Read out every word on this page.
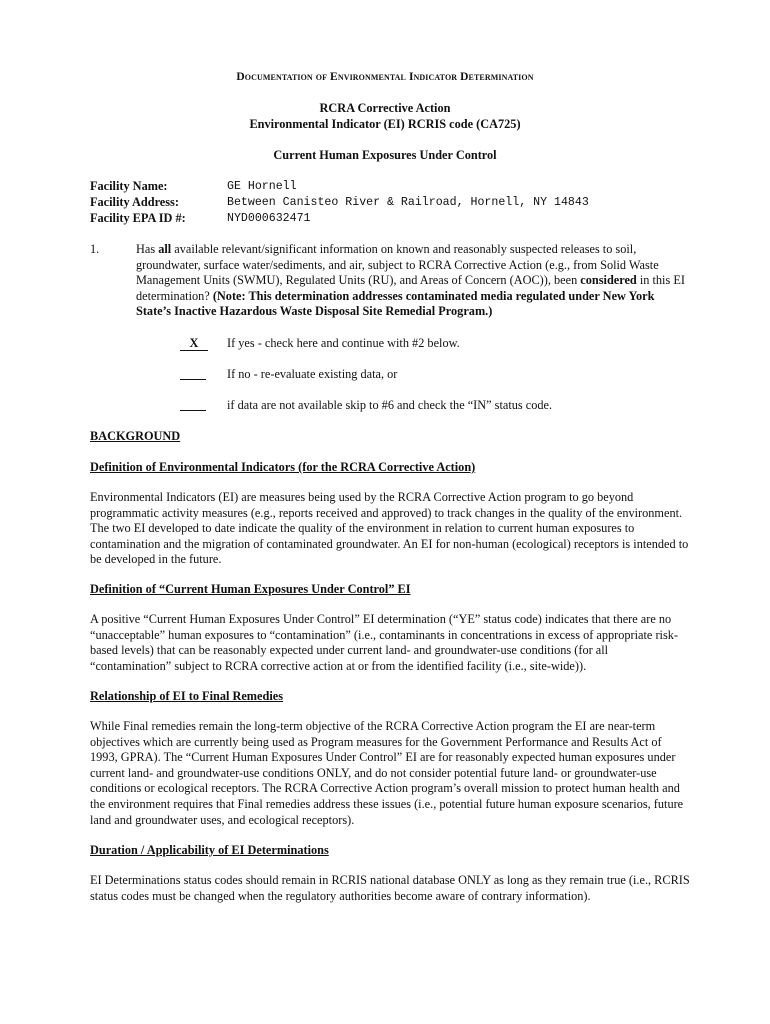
Documentation of Environmental Indicator Determination
RCRA Corrective Action
Environmental Indicator (EI) RCRIS code (CA725)
Current Human Exposures Under Control
Facility Name:	GE Hornell
Facility Address:	Between Canisteo River & Railroad, Hornell, NY 14843
Facility EPA ID #:	NYD000632471
1.	Has all available relevant/significant information on known and reasonably suspected releases to soil, groundwater, surface water/sediments, and air, subject to RCRA Corrective Action (e.g., from Solid Waste Management Units (SWMU), Regulated Units (RU), and Areas of Concern (AOC)), been considered in this EI determination? (Note: This determination addresses contaminated media regulated under New York State’s Inactive Hazardous Waste Disposal Site Remedial Program.)
X	If yes - check here and continue with #2 below.
If no - re-evaluate existing data, or
if data are not available skip to #6 and check the “IN” status code.
BACKGROUND
Definition of Environmental Indicators (for the RCRA Corrective Action)
Environmental Indicators (EI) are measures being used by the RCRA Corrective Action program to go beyond programmatic activity measures (e.g., reports received and approved) to track changes in the quality of the environment. The two EI developed to date indicate the quality of the environment in relation to current human exposures to contamination and the migration of contaminated groundwater. An EI for non-human (ecological) receptors is intended to be developed in the future.
Definition of “Current Human Exposures Under Control” EI
A positive “Current Human Exposures Under Control” EI determination (“YE” status code) indicates that there are no “unacceptable” human exposures to “contamination” (i.e., contaminants in concentrations in excess of appropriate risk-based levels) that can be reasonably expected under current land- and groundwater-use conditions (for all “contamination” subject to RCRA corrective action at or from the identified facility (i.e., site-wide)).
Relationship of EI to Final Remedies
While Final remedies remain the long-term objective of the RCRA Corrective Action program the EI are near-term objectives which are currently being used as Program measures for the Government Performance and Results Act of 1993, GPRA). The “Current Human Exposures Under Control” EI are for reasonably expected human exposures under current land- and groundwater-use conditions ONLY, and do not consider potential future land- or groundwater-use conditions or ecological receptors. The RCRA Corrective Action program’s overall mission to protect human health and the environment requires that Final remedies address these issues (i.e., potential future human exposure scenarios, future land and groundwater uses, and ecological receptors).
Duration / Applicability of EI Determinations
EI Determinations status codes should remain in RCRIS national database ONLY as long as they remain true (i.e., RCRIS status codes must be changed when the regulatory authorities become aware of contrary information).
